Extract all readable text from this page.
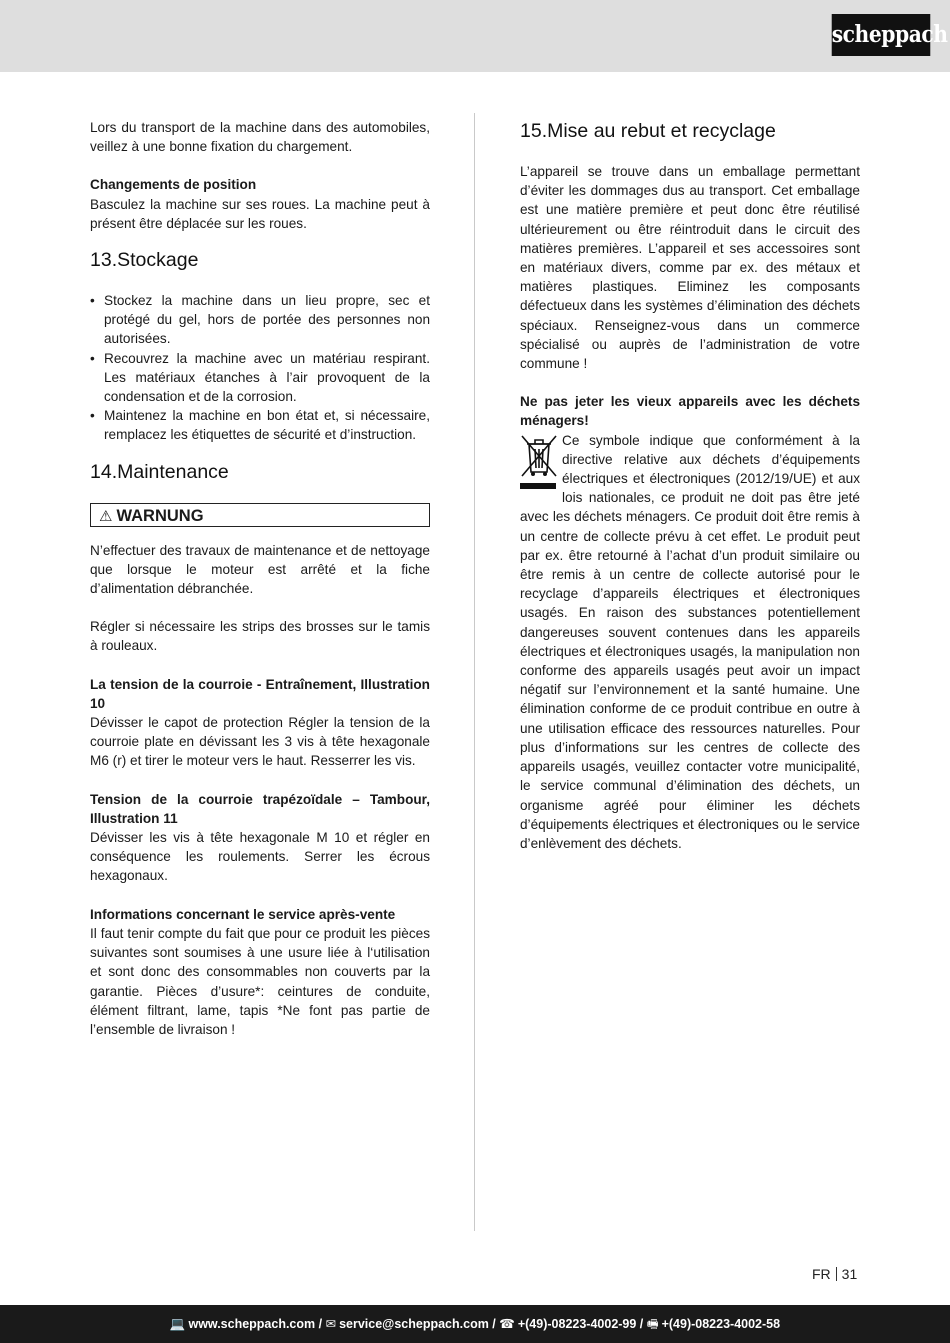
scheppach

Lors du transport de la machine dans des automobiles, veillez à une bonne fixation du chargement.

Changements de position

Basculez la machine sur ses roues. La machine peut à présent être déplacée sur les roues.

13.Stockage
• Stockez la machine dans un lieu propre, sec et protégé du gel, hors de portée des personnes non autorisées.
• Recouvrez la machine avec un matériau respirant. Les matériaux étanches à l’air provoquent de la condensation et de la corrosion.
• Maintenez la machine en bon état et, si nécessaire, remplacez les étiquettes de sécurité et d’instruction.
14.Maintenance
⚠ WARNUNG

N’effectuer des travaux de maintenance et de nettoyage que lorsque le moteur est arrêté et la fiche d’alimentation débranchée.

Régler si nécessaire les strips des brosses sur le tamis à rouleaux.

La tension de la courroie - Entraînement, Illustration 10

Dévisser le capot de protection Régler la tension de la courroie plate en dévissant les 3 vis à tête hexagonale M6 (r) et tirer le moteur vers le haut. Resserrer les vis.

Tension de la courroie trapézoïdale – Tambour, Illustration 11

Dévisser les vis à tête hexagonale M 10 et régler en conséquence les roulements. Serrer les écrous hexagonaux.

Informations concernant le service après-vente

Il faut tenir compte du fait que pour ce produit les pièces suivantes sont soumises à une usure liée à l‘utilisation et sont donc des consommables non couverts par la garantie. Pièces d’usure*: ceintures de conduite, élément filtrant, lame, tapis *Ne font pas partie de l’ensemble de livraison !

15.Mise au rebut et recyclage

L’appareil se trouve dans un emballage permettant d’éviter les dommages dus au transport. Cet emballage est une matière première et peut donc être réutilisé ultérieurement ou être réintroduit dans le circuit des matières premières. L’appareil et ses accessoires sont en matériaux divers, comme par ex. des métaux et matières plastiques. Eliminez les composants défectueux dans les systèmes d’élimination des déchets spéciaux. Renseignez-vous dans un commerce spécialisé ou auprès de l’administration de votre commune !

Ne pas jeter les vieux appareils avec les déchets ménagers!

Ce symbole indique que conformément à la directive relative aux déchets d’équipements électriques et électroniques (2012/19/UE) et aux lois nationales, ce produit ne doit pas être jeté avec les déchets ménagers. Ce produit doit être remis à un centre de collecte prévu à cet effet. Le produit peut par ex. être retourné à l’achat d’un produit similaire ou être remis à un centre de collecte autorisé pour le recyclage d’appareils électriques et électroniques usagés. En raison des substances potentiellement dangereuses souvent contenues dans les appareils électriques et électroniques usagés, la manipulation non conforme des appareils usagés peut avoir un impact négatif sur l’environnement et la santé humaine. Une élimination conforme de ce produit contribue en outre à une utilisation efficace des ressources naturelles. Pour plus d’informations sur les centres de collecte des appareils usagés, veuillez contacter votre municipalité, le service communal d’élimination des déchets, un organisme agréé pour éliminer les déchets d’équipements électriques et électroniques ou le service d’enlèvement des déchets.

FR 31
💻 www.scheppach.com / ✉ service@scheppach.com / ☎ +(49)-08223-4002-99 / 🖷 +(49)-08223-4002-58
